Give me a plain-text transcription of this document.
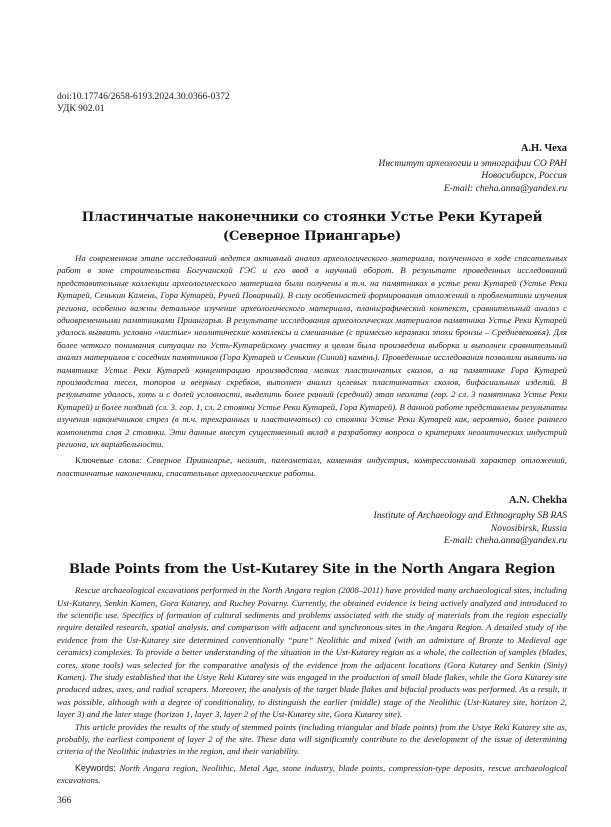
doi:10.17746/2658-6193.2024.30.0366-0372
УДК 902.01
А.Н. Чеха
Институт археологии и этнографии СО РАН
Новосибирск, Россия
E-mail: cheha.anna@yandex.ru
Пластинчатые наконечники со стоянки Устье Реки Кутарей
(Северное Приангарье)

На современном этапе исследований ведется активный анализ археологического материала, полученного в ходе спасательных работ в зоне строительства Богучанской ГЭС и его ввод в научный оборот. В результате проведенных исследований представительные коллекции археологического материала были получены в т.ч. на памятниках в устье реки Кутарей (Устье Реки Кутарей, Сенькин Камень, Гора Кутарей, Ручей Поварный). В силу особенностей формирования отложений и проблематики изучения региона, особенно важны детальное изучение археологического материала, планиграфический контекст, сравнительный анализ с одновременными памятниками Приангарья. В результате исследования археологических материалов памятника Устье Реки Кутарей удалось выявить условно «чистые» неолитические комплексы и смешанные (с примесью керамики эпохи бронзы – Средневековья). Для более четкого понимания ситуации по Усть-Кутарейскому участку в целом была произведена выборка и выполнен сравнительный анализ материалов с соседних памятников (Гора Кутарей и Сенькин (Синий) камень). Проведенные исследования позволили выявить на памятнике Устье Реки Кутарей концентрацию производства мелких пластинчатых сколов, а на памятнике Гора Кутарей производства тесел, топоров и веерных скребков, выполнен анализ целевых пластинчатых сколов, бифасиальных изделий. В результате удалось, хоть и с долей условности, выделить более ранний (средний) этап неолита (гор. 2 сл. 3 памятника Устье Реки Кутарей) и более поздний (сл. 3. гор. 1, сл. 2 стоянки Устье Реки Кутарей, Гора Кутарей). В данной работе представлены результаты изучения наконечников стрел (в т.ч. трехгранных и пластинчатых) со стоянки Устье Реки Кутарей как, вероятно, более раннего компонента слоя 2 стоянки. Эти данные внесут существенный вклад в разработку вопроса о критериях неолитических индустрий региона, их вариабельности.

Ключевые слова: Северное Приангарье, неолит, палеометалл, каменная индустрия, компрессионный характер отложений, пластинчатые наконечники, спасательные археологические работы.
A.N. Chekha
Institute of Archaeology and Ethnography SB RAS
Novosibirsk, Russia
E-mail: cheha.anna@yandex.ru
Blade Points from the Ust-Kutarey Site in the North Angara Region

Rescue archaeological excavations performed in the North Angara region (2008–2011) have provided many archaeological sites, including Ust-Kutarey, Senkin Kamen, Gora Kutarey, and Ruchey Povarny. Currently, the obtained evidence is being actively analyzed and introduced to the scientific use. Specifics of formation of cultural sediments and problems associated with the study of materials from the region especially require detailed research, spatial analysis, and comparison with adjacent and synchronous sites in the Angara Region. A detailed study of the evidence from the Ust-Kutarey site determined conventionally “pure” Neolithic and mixed (with an admixture of Bronze to Medieval age ceramics) complexes. To provide a better understanding of the situation in the Ust-Kutarey region as a whole, the collection of samples (blades, cores, stone tools) was selected for the comparative analysis of the evidence from the adjacent locations (Gora Kutarey and Senkin (Siniy) Kamen). The study established that the Ustye Reki Kutarey site was engaged in the production of small blade flakes, while the Gora Kutarey site produced adzes, axes, and radial scrapers. Moreover, the analysis of the target blade flakes and bifacial products was performed. As a result, it was possible, although with a degree of conditionality, to distinguish the earlier (middle) stage of the Neolithic (Ust-Kutarey site, horizon 2, layer 3) and the later stage (horizon 1, layer 3, layer 2 of the Ust-Kutarey site, Gora Kutarey site).

This article provides the results of the study of stemmed points (including triangular and blade points) from the Ustye Reki Kutarey site as, probably, the earliest component of layer 2 of the site. These data will significantly contribute to the development of the issue of determining criteria of the Neolithic industries in the region, and their variability.

Keywords: North Angara region, Neolithic, Metal Age, stone industry, blade points, compression-type deposits, rescue archaeological excavations.
366
